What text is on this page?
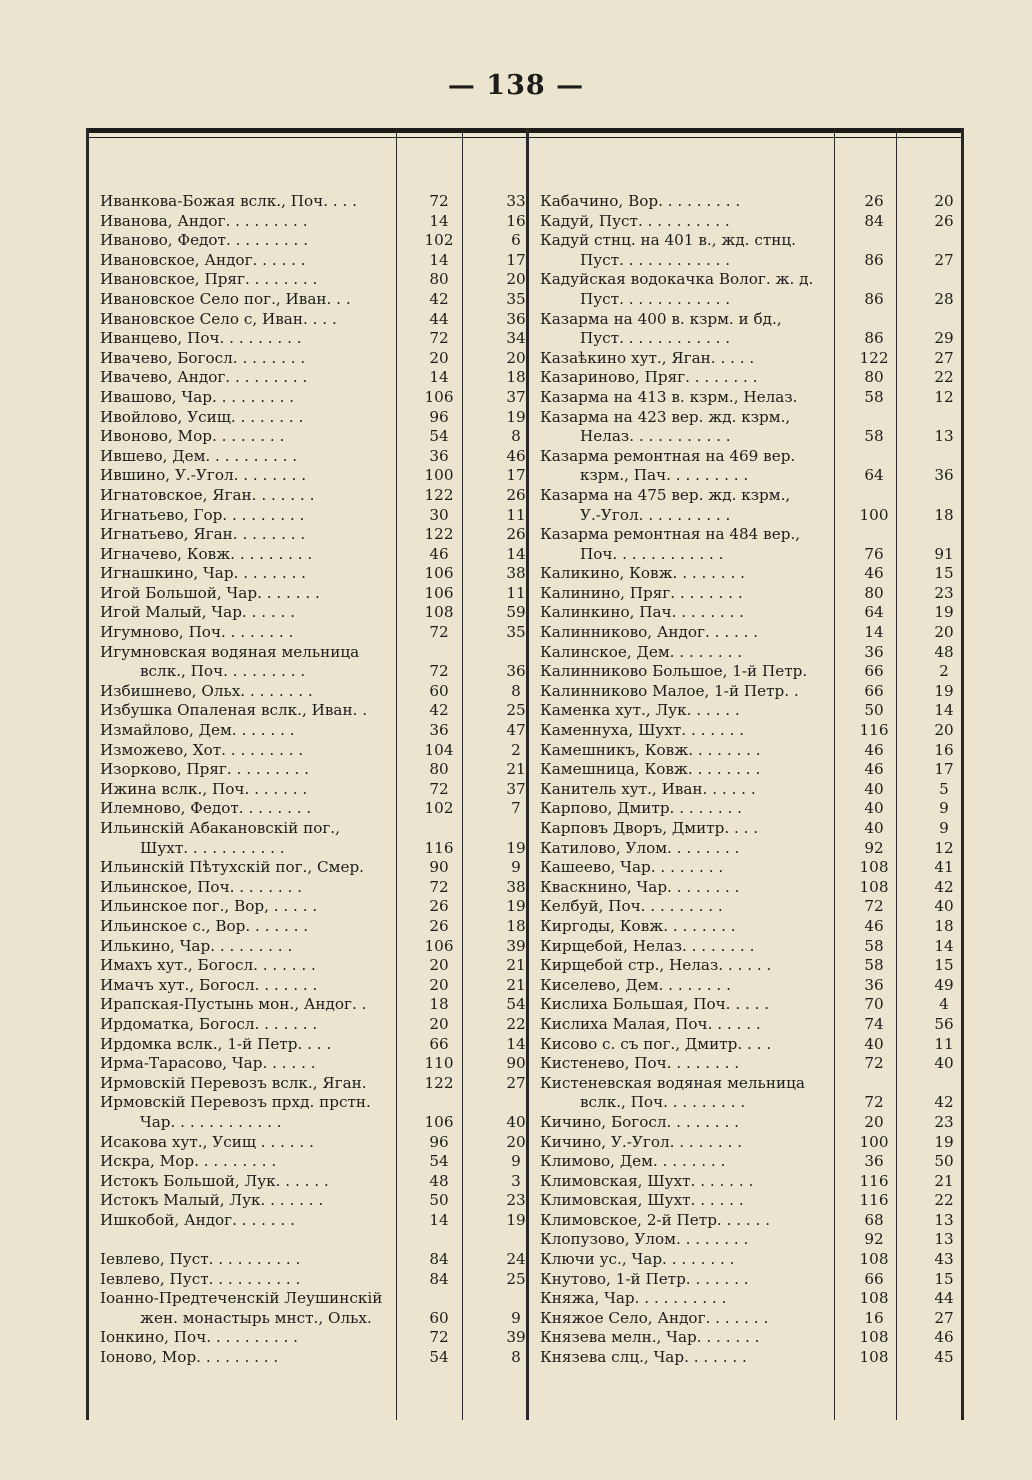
— 138 —
Иванкова-Божая вслк., Поч. . . .	72	33
Иванова, Андог. . . . . . . . .	14	16
Иваново, Федот. . . . . . . . .	102	6
Ивановское, Андог. . . . . .	14	17
Ивановское, Пряг. . . . . . . .	80	20
Ивановское Село пог., Иван. . .	42	35
Ивановское Село с, Иван. . . .	44	36
Иванцево, Поч. . . . . . . . .	72	34
Ивачево, Богосл. . . . . . . .	20	20
Ивачево, Андог. . . . . . . . .	14	18
Ивашово, Чар. . . . . . . . .	106	37
Ивойлово, Усищ. . . . . . . .	96	19
Ивоново, Мор. . . . . . . .	54	8
Ившево, Дем. . . . . . . . . .	36	46
Ившино, У.-Угол. . . . . . . .	100	17
Игнатовское, Яган. . . . . . .	122	26
Игнатьево, Гор. . . . . . . . .	30	11
Игнатьево, Яган. . . . . . . .	122	26
Игначево, Ковж. . . . . . . . .	46	14
Игнашкино, Чар. . . . . . . .	106	38
Игой Большой, Чар. . . . . . .	106	11
Игой Малый, Чар. . . . . .	108	59
Игумново, Поч. . . . . . . .	72	35
Игумновская водяная мельница
вслк., Поч. . . . . . . . .	72	36
Избишнево, Ольх. . . . . . . .	60	8
Избушка Опаленая вслк., Иван. .	42	25
Измайлово, Дем. . . . . . .	36	47
Изможево, Хот. . . . . . . . .	104	2
Изорково, Пряг. . . . . . . . .	80	21
Ижина вслк., Поч. . . . . . .	72	37
Илемново, Федот. . . . . . . .	102	7
Ильинскій Абакановскій пог.,
Шухт. . . . . . . . . . .	116	19
Ильинскій Пѣтухскій пог., Смер.	90	9
Ильинское, Поч. . . . . . . .	72	38
Ильинское пог., Вор, . . . . .	26	19
Ильинское с., Вор. . . . . . .	26	18
Илькино, Чар. . . . . . . . .	106	39
Имахъ хут., Богосл. . . . . . .	20	21
Имачъ хут., Богосл. . . . . . .	20	21
Ирапская-Пустынь мон., Андог. .	18	54
Ирдоматка, Богосл. . . . . . .	20	22
Ирдомка вслк., 1-й Петр. . . .	66	14
Ирма-Тарасово, Чар. . . . . .	110	90
Ирмовскій Перевозъ вслк., Яган.	122	27
Ирмовскій Перевозъ прхд. прстн.
Чар. . . . . . . . . . . .	106	40
Исакова хут., Усищ . . . . . .	96	20
Искра, Мор. . . . . . . . .	54	9
Истокъ Большой, Лук. . . . . .	48	3
Истокъ Малый, Лук. . . . . . .	50	23
Ишкобой, Андог. . . . . . .	14	19
Іевлево, Пуст. . . . . . . . . .	84	24
Іевлево, Пуст. . . . . . . . . .	84	25
Іоанно-Предтеченскій Леушинскій
жен. монастырь мнст., Ольх.	60	9
Іонкино, Поч. . . . . . . . . .	72	39
Іоново, Мор. . . . . . . . .	54	8
Кабачино, Вор. . . . . . . . .	26	20
Кадуй, Пуст. . . . . . . . . .	84	26
Кадуй стнц. на 401 в., жд. стнц.
Пуст. . . . . . . . . . . .	86	27
Кадуйская водокачка Волог. ж. д.
Пуст. . . . . . . . . . . .	86	28
Казарма на 400 в. кзрм. и бд.,
Пуст. . . . . . . . . . . .	86	29
Казаѣкино хут., Яган. . . . .	122	27
Казариново, Пряг. . . . . . . .	80	22
Казарма на 413 в. кзрм., Нелаз.	58	12
Казарма на 423 вер. жд. кзрм.,
Нелаз. . . . . . . . . . .	58	13
Казарма ремонтная на 469 вер.
кзрм., Пач. . . . . . . . .	64	36
Казарма на 475 вер. жд. кзрм.,
У.-Угол. . . . . . . . . .	100	18
Казарма ремонтная на 484 вер.,
Поч. . . . . . . . . . . .	76	91
Каликино, Ковж. . . . . . . .	46	15
Калинино, Пряг. . . . . . . .	80	23
Калинкино, Пач. . . . . . . .	64	19
Калинниково, Андог. . . . . .	14	20
Калинское, Дем. . . . . . . .	36	48
Калинниково Большое, 1-й Петр.	66	2
Калинниково Малое, 1-й Петр. .	66	19
Каменка хут., Лук. . . . . .	50	14
Каменнуха, Шухт. . . . . . .	116	20
Камешникъ, Ковж. . . . . . . .	46	16
Камешница, Ковж. . . . . . . .	46	17
Канитель хут., Иван. . . . . .	40	5
Карпово, Дмитр. . . . . . . .	40	9
Карповъ Дворъ, Дмитр. . . .	40	9
Катилово, Улом. . . . . . . .	92	12
Кашеево, Чар. . . . . . . .	108	41
Кваскнино, Чар. . . . . . . .	108	42
Келбуй, Поч. . . . . . . . .	72	40
Киргоды, Ковж. . . . . . . .	46	18
Кирщебой, Нелаз. . . . . . . .	58	14
Кирщебой стр., Нелаз. . . . . .	58	15
Киселево, Дем. . . . . . . .	36	49
Кислиха Большая, Поч. . . . .	70	4
Кислиха Малая, Поч. . . . . .	74	56
Кисово с. съ пог., Дмитр. . . .	40	11
Кистенево, Поч. . . . . . . .	72	40
Кистеневская водяная мельница
вслк., Поч. . . . . . . . .	72	42
Кичино, Богосл. . . . . . . .	20	23
Кичино, У.-Угол. . . . . . . .	100	19
Климово, Дем. . . . . . . .	36	50
Климовская, Шухт. . . . . . .	116	21
Климовская, Шухт. . . . . .	116	22
Климовское, 2-й Петр. . . . . .	68	13
Клопузово, Улом. . . . . . . .	92	13
Ключи ус., Чар. . . . . . . .	108	43
Кнутово, 1-й Петр. . . . . . .	66	15
Княжа, Чар. . . . . . . . . .	108	44
Княжое Село, Андог. . . . . . .	16	27
Князева мелн., Чар. . . . . . .	108	46
Князева слц., Чар. . . . . . .	108	45
